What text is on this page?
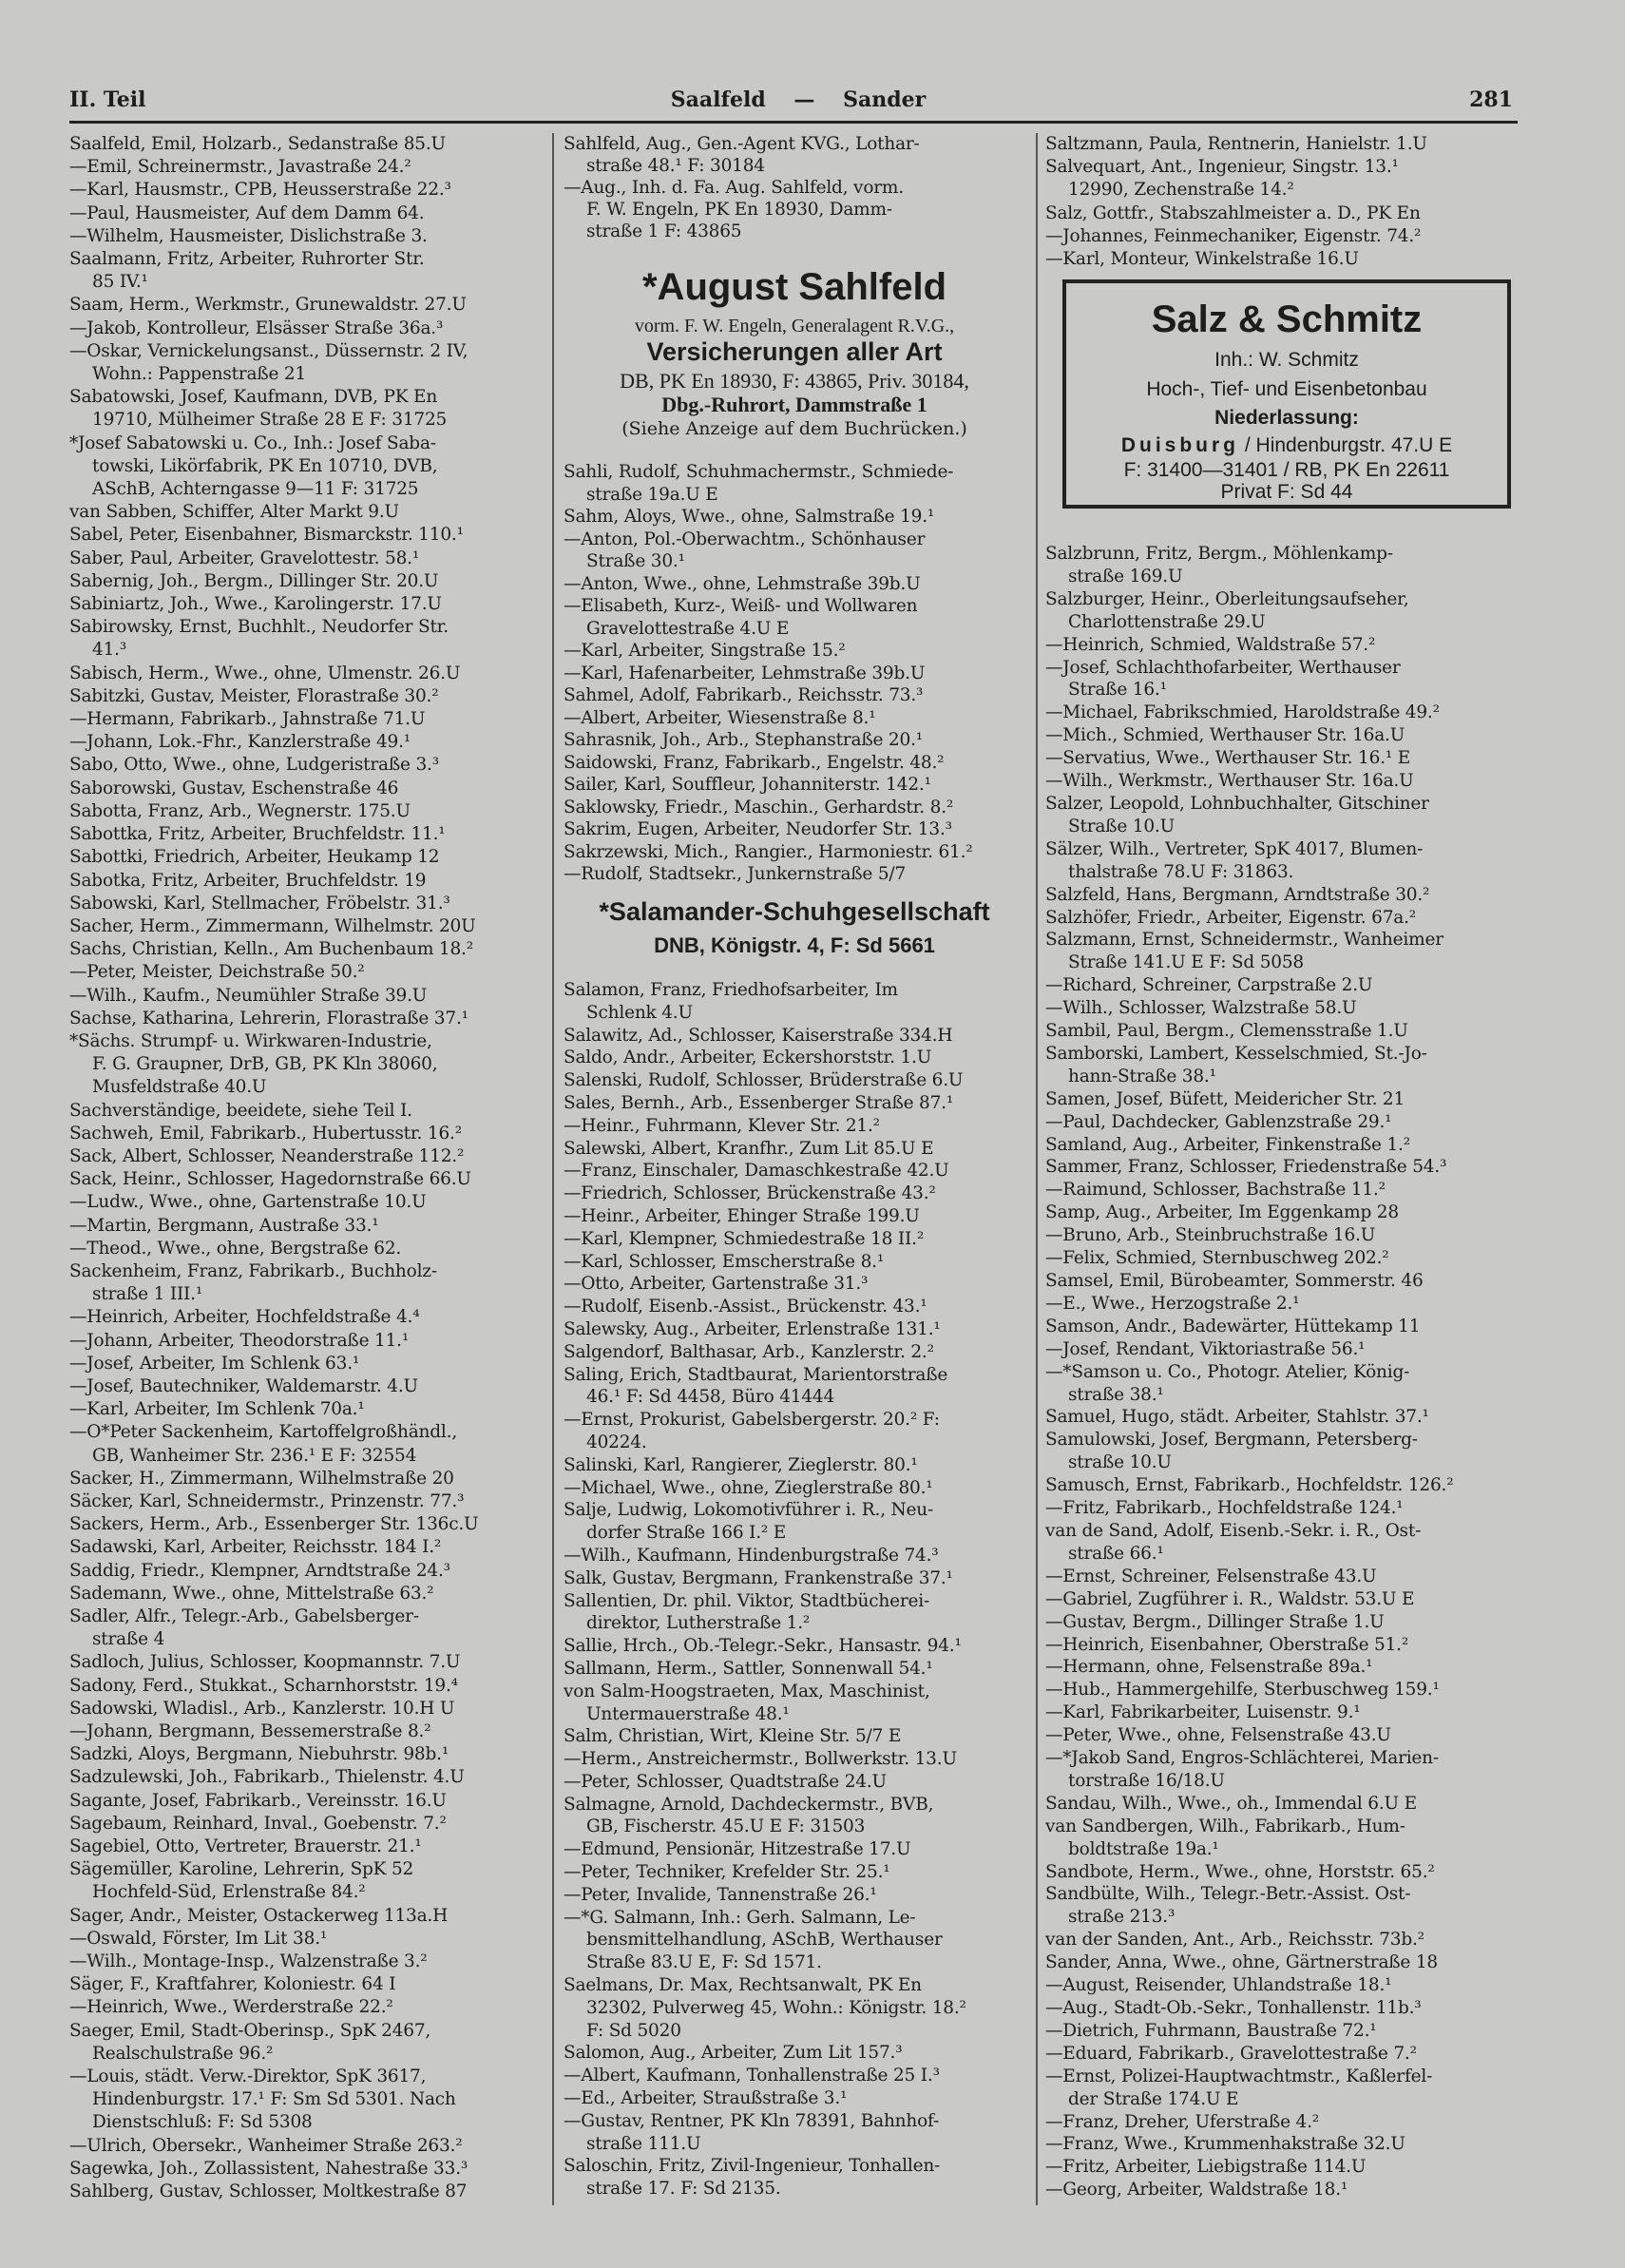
II. Teil	Saalfeld — Sander	281
Saalfeld, Emil, Holzarb., Sedanstraße 85.U
—Emil, Schreinermstr., Javastraße 24.²
—Karl, Hausmstr., CPB, Heusserstraße 22.³
—Paul, Hausmeister, Auf dem Damm 64.
—Wilhelm, Hausmeister, Dislichstraße 3.
Saalmann, Fritz, Arbeiter, Ruhrorter Str.
85 IV.¹
Saam, Herm., Werkmstr., Grunewaldstr. 27.U
—Jakob, Kontrolleur, Elsässer Straße 36a.³
—Oskar, Vernickelungsanst., Düssernstr. 2 IV,
Wohn.: Pappenstraße 21
Sabatowski, Josef, Kaufmann, DVB, PK En
19710, Mülheimer Straße 28 E F: 31725
*Josef Sabatowski u. Co., Inh.: Josef Saba-
towski, Likörfabrik, PK En 10710, DVB,
ASchB, Achterngasse 9—11 F: 31725
van Sabben, Schiffer, Alter Markt 9.U
Sabel, Peter, Eisenbahner, Bismarckstr. 110.¹
Saber, Paul, Arbeiter, Gravelottestr. 58.¹
Sabernig, Joh., Bergm., Dillinger Str. 20.U
Sabiniartz, Joh., Wwe., Karolingerstr. 17.U
Sabirowsky, Ernst, Buchhlt., Neudorfer Str.
41.³
Sabisch, Herm., Wwe., ohne, Ulmenstr. 26.U
Sabitzki, Gustav, Meister, Florastraße 30.²
—Hermann, Fabrikarb., Jahnstraße 71.U
—Johann, Lok.-Fhr., Kanzlerstraße 49.¹
Sabo, Otto, Wwe., ohne, Ludgeristraße 3.³
Saborowski, Gustav, Eschenstraße 46
Sabotta, Franz, Arb., Wegnerstr. 175.U
Sabottka, Fritz, Arbeiter, Bruchfeldstr. 11.¹
Sabottki, Friedrich, Arbeiter, Heukamp 12
Sabotka, Fritz, Arbeiter, Bruchfeldstr. 19
Sabowski, Karl, Stellmacher, Fröbelstr. 31.³
Sacher, Herm., Zimmermann, Wilhelmstr. 20U
Sachs, Christian, Kelln., Am Buchenbaum 18.²
—Peter, Meister, Deichstraße 50.²
—Wilh., Kaufm., Neumühler Straße 39.U
Sachse, Katharina, Lehrerin, Florastraße 37.¹
*Sächs. Strumpf- u. Wirkwaren-Industrie,
F. G. Graupner, DrB, GB, PK Kln 38060,
Musfeldstraße 40.U
Sachverständige, beeidete, siehe Teil I.
Sachweh, Emil, Fabrikarb., Hubertusstr. 16.²
Sack, Albert, Schlosser, Neanderstraße 112.²
Sack, Heinr., Schlosser, Hagedornstraße 66.U
—Ludw., Wwe., ohne, Gartenstraße 10.U
—Martin, Bergmann, Austraße 33.¹
—Theod., Wwe., ohne, Bergstraße 62.
Sackenheim, Franz, Fabrikarb., Buchholz-
straße 1 III.¹
—Heinrich, Arbeiter, Hochfeldstraße 4.⁴
—Johann, Arbeiter, Theodorstraße 11.¹
—Josef, Arbeiter, Im Schlenk 63.¹
—Josef, Bautechniker, Waldemarstr. 4.U
—Karl, Arbeiter, Im Schlenk 70a.¹
—O*Peter Sackenheim, Kartoffelgroßhändl.,
GB, Wanheimer Str. 236.¹ E F: 32554
Sacker, H., Zimmermann, Wilhelmstraße 20
Säcker, Karl, Schneidermstr., Prinzenstr. 77.³
Sackers, Herm., Arb., Essenberger Str. 136c.U
Sadawski, Karl, Arbeiter, Reichsstr. 184 I.²
Saddig, Friedr., Klempner, Arndtstraße 24.³
Sademann, Wwe., ohne, Mittelstraße 63.²
Sadler, Alfr., Telegr.-Arb., Gabelsberger-
straße 4
Sadloch, Julius, Schlosser, Koopmannstr. 7.U
Sadony, Ferd., Stukkat., Scharnhorststr. 19.⁴
Sadowski, Wladisl., Arb., Kanzlerstr. 10.H U
—Johann, Bergmann, Bessemerstraße 8.²
Sadzki, Aloys, Bergmann, Niebuhrstr. 98b.¹
Sadzulewski, Joh., Fabrikarb., Thielenstr. 4.U
Sagante, Josef, Fabrikarb., Vereinsstr. 16.U
Sagebaum, Reinhard, Inval., Goebenstr. 7.²
Sagebiel, Otto, Vertreter, Brauerstr. 21.¹
Sägemüller, Karoline, Lehrerin, SpK 52
Hochfeld-Süd, Erlenstraße 84.²
Sager, Andr., Meister, Ostackerweg 113a.H
—Oswald, Förster, Im Lit 38.¹
—Wilh., Montage-Insp., Walzenstraße 3.²
Säger, F., Kraftfahrer, Koloniestr. 64 I
—Heinrich, Wwe., Werderstraße 22.²
Saeger, Emil, Stadt-Oberinsp., SpK 2467,
Realschulstraße 96.²
—Louis, städt. Verw.-Direktor, SpK 3617,
Hindenburgstr. 17.¹ F: Sm Sd 5301. Nach
Dienstschluß: F: Sd 5308
—Ulrich, Obersekr., Wanheimer Straße 263.²
Sagewka, Joh., Zollassistent, Nahestraße 33.³
Sahlberg, Gustav, Schlosser, Moltkestraße 87
Sahlfeld, Aug., Gen.-Agent KVG., Lothar-
straße 48.¹ F: 30184
—Aug., Inh. d. Fa. Aug. Sahlfeld, vorm.
F. W. Engeln, PK En 18930, Damm-
straße 1 F: 43865
*August Sahlfeld
vorm. F. W. Engeln, Generalagent R.V.G.,
Versicherungen aller Art
DB, PK En 18930, F: 43865, Priv. 30184,
Dbg.-Ruhrort, Dammstraße 1
(Siehe Anzeige auf dem Buchrücken.)
Sahli, Rudolf, Schuhmachermstr., Schmiede-
straße 19a.U E
Sahm, Aloys, Wwe., ohne, Salmstraße 19.¹
—Anton, Pol.-Oberwachtm., Schönhauser
Straße 30.¹
—Anton, Wwe., ohne, Lehmstraße 39b.U
—Elisabeth, Kurz-, Weiß- und Wollwaren
Gravelottestraße 4.U E
—Karl, Arbeiter, Singstraße 15.²
—Karl, Hafenarbeiter, Lehmstraße 39b.U
Sahmel, Adolf, Fabrikarb., Reichsstr. 73.³
—Albert, Arbeiter, Wiesenstraße 8.¹
Sahrasnik, Joh., Arb., Stephanstraße 20.¹
Saidowski, Franz, Fabrikarb., Engelstr. 48.²
Sailer, Karl, Souffleur, Johanniterstr. 142.¹
Saklowsky, Friedr., Maschin., Gerhardstr. 8.²
Sakrim, Eugen, Arbeiter, Neudorfer Str. 13.³
Sakrzewski, Mich., Rangier., Harmoniestr. 61.²
—Rudolf, Stadtsekr., Junkernstraße 5/7
*Salamander-Schuhgesellschaft
DNB, Königstr. 4, F: Sd 5661
Salamon, Franz, Friedhofsarbeiter, Im
Schlenk 4.U
Salawitz, Ad., Schlosser, Kaiserstraße 334.H
Saldo, Andr., Arbeiter, Eckershorststr. 1.U
Salenski, Rudolf, Schlosser, Brüderstraße 6.U
Sales, Bernh., Arb., Essenberger Straße 87.¹
—Heinr., Fuhrmann, Klever Str. 21.²
Salewski, Albert, Kranfhr., Zum Lit 85.U E
—Franz, Einschaler, Damaschkestraße 42.U
—Friedrich, Schlosser, Brückenstraße 43.²
—Heinr., Arbeiter, Ehinger Straße 199.U
—Karl, Klempner, Schmiedestraße 18 II.²
—Karl, Schlosser, Emscherstraße 8.¹
—Otto, Arbeiter, Gartenstraße 31.³
—Rudolf, Eisenb.-Assist., Brückenstr. 43.¹
Salewsky, Aug., Arbeiter, Erlenstraße 131.¹
Salgendorf, Balthasar, Arb., Kanzlerstr. 2.²
Saling, Erich, Stadtbaurat, Marientorstraße
46.¹ F: Sd 4458, Büro 41444
—Ernst, Prokurist, Gabelsbergerstr. 20.² F:
40224.
Salinski, Karl, Rangierer, Zieglerstr. 80.¹
—Michael, Wwe., ohne, Zieglerstraße 80.¹
Salje, Ludwig, Lokomotivführer i. R., Neu-
dorfer Straße 166 I.² E
—Wilh., Kaufmann, Hindenburgstraße 74.³
Salk, Gustav, Bergmann, Frankenstraße 37.¹
Sallentien, Dr. phil. Viktor, Stadtbücherei-
direktor, Lutherstraße 1.²
Sallie, Hrch., Ob.-Telegr.-Sekr., Hansastr. 94.¹
Sallmann, Herm., Sattler, Sonnenwall 54.¹
von Salm-Hoogstraeten, Max, Maschinist,
Untermauerstraße 48.¹
Salm, Christian, Wirt, Kleine Str. 5/7 E
—Herm., Anstreichermstr., Bollwerkstr. 13.U
—Peter, Schlosser, Quadtstraße 24.U
Salmagne, Arnold, Dachdeckermstr., BVB,
GB, Fischerstr. 45.U E F: 31503
—Edmund, Pensionär, Hitzestraße 17.U
—Peter, Techniker, Krefelder Str. 25.¹
—Peter, Invalide, Tannenstraße 26.¹
—*G. Salmann, Inh.: Gerh. Salmann, Le-
bensmittelhandlung, ASchB, Werthauser
Straße 83.U E, F: Sd 1571.
Saelmans, Dr. Max, Rechtsanwalt, PK En
32302, Pulverweg 45, Wohn.: Königstr. 18.²
F: Sd 5020
Salomon, Aug., Arbeiter, Zum Lit 157.³
—Albert, Kaufmann, Tonhallenstraße 25 I.³
—Ed., Arbeiter, Straußstraße 3.¹
—Gustav, Rentner, PK Kln 78391, Bahnhof-
straße 111.U
Saloschin, Fritz, Zivil-Ingenieur, Tonhallen-
straße 17. F: Sd 2135.
Saltzmann, Paula, Rentnerin, Hanielstr. 1.U
Salvequart, Ant., Ingenieur, Singstr. 13.¹
12990, Zechenstraße 14.²
Salz, Gottfr., Stabszahlmeister a. D., PK En
—Johannes, Feinmechaniker, Eigenstr. 74.²
—Karl, Monteur, Winkelstraße 16.U
Salz & Schmitz
Inh.: W. Schmitz
Hoch-, Tief- und Eisenbetonbau
Niederlassung:
Duisburg / Hindenburgstr. 47.U E
F: 31400—31401 / RB, PK En 22611
Privat F: Sd 44
Salzbrunn, Fritz, Bergm., Möhlenkamp-
straße 169.U
Salzburger, Heinr., Oberleitungsaufseher,
Charlottenstraße 29.U
—Heinrich, Schmied, Waldstraße 57.²
—Josef, Schlachthofarbeiter, Werthauser
Straße 16.¹
—Michael, Fabrikschmied, Haroldstraße 49.²
—Mich., Schmied, Werthauser Str. 16a.U
—Servatius, Wwe., Werthauser Str. 16.¹ E
—Wilh., Werkmstr., Werthauser Str. 16a.U
Salzer, Leopold, Lohnbuchhalter, Gitschiner
Straße 10.U
Sälzer, Wilh., Vertreter, SpK 4017, Blumen-
thalstraße 78.U F: 31863.
Salzfeld, Hans, Bergmann, Arndtstraße 30.²
Salzhöfer, Friedr., Arbeiter, Eigenstr. 67a.²
Salzmann, Ernst, Schneidermstr., Wanheimer
Straße 141.U E F: Sd 5058
—Richard, Schreiner, Carpstraße 2.U
—Wilh., Schlosser, Walzstraße 58.U
Sambil, Paul, Bergm., Clemensstraße 1.U
Samborski, Lambert, Kesselschmied, St.-Jo-
hann-Straße 38.¹
Samen, Josef, Büfett, Meidericher Str. 21
—Paul, Dachdecker, Gablenzstraße 29.¹
Samland, Aug., Arbeiter, Finkenstraße 1.²
Sammer, Franz, Schlosser, Friedenstraße 54.³
—Raimund, Schlosser, Bachstraße 11.²
Samp, Aug., Arbeiter, Im Eggenkamp 28
—Bruno, Arb., Steinbruchstraße 16.U
—Felix, Schmied, Sternbuschweg 202.²
Samsel, Emil, Bürobeamter, Sommerstr. 46
—E., Wwe., Herzogstraße 2.¹
Samson, Andr., Badewärter, Hüttekamp 11
—Josef, Rendant, Viktoriastraße 56.¹
—*Samson u. Co., Photogr. Atelier, König-
straße 38.¹
Samuel, Hugo, städt. Arbeiter, Stahlstr. 37.¹
Samulowski, Josef, Bergmann, Petersberg-
straße 10.U
Samusch, Ernst, Fabrikarb., Hochfeldstr. 126.²
—Fritz, Fabrikarb., Hochfeldstraße 124.¹
van de Sand, Adolf, Eisenb.-Sekr. i. R., Ost-
straße 66.¹
—Ernst, Schreiner, Felsenstraße 43.U
—Gabriel, Zugführer i. R., Waldstr. 53.U E
—Gustav, Bergm., Dillinger Straße 1.U
—Heinrich, Eisenbahner, Oberstraße 51.²
—Hermann, ohne, Felsenstraße 89a.¹
—Hub., Hammergehilfe, Sterbuschweg 159.¹
—Karl, Fabrikarbeiter, Luisenstr. 9.¹
—Peter, Wwe., ohne, Felsenstraße 43.U
—*Jakob Sand, Engros-Schlächterei, Marien-
torstraße 16/18.U
Sandau, Wilh., Wwe., oh., Immendal 6.U E
van Sandbergen, Wilh., Fabrikarb., Hum-
boldtstraße 19a.¹
Sandbote, Herm., Wwe., ohne, Horststr. 65.²
Sandbülte, Wilh., Telegr.-Betr.-Assist. Ost-
straße 213.³
van der Sanden, Ant., Arb., Reichsstr. 73b.²
Sander, Anna, Wwe., ohne, Gärtnerstraße 18
—August, Reisender, Uhlandstraße 18.¹
—Aug., Stadt-Ob.-Sekr., Tonhallenstr. 11b.³
—Dietrich, Fuhrmann, Baustraße 72.¹
—Eduard, Fabrikarb., Gravelottestraße 7.²
—Ernst, Polizei-Hauptwachtmstr., Kaßlerfel-
der Straße 174.U E
—Franz, Dreher, Uferstraße 4.²
—Franz, Wwe., Krummenhakstraße 32.U
—Fritz, Arbeiter, Liebigstraße 114.U
—Georg, Arbeiter, Waldstraße 18.¹
